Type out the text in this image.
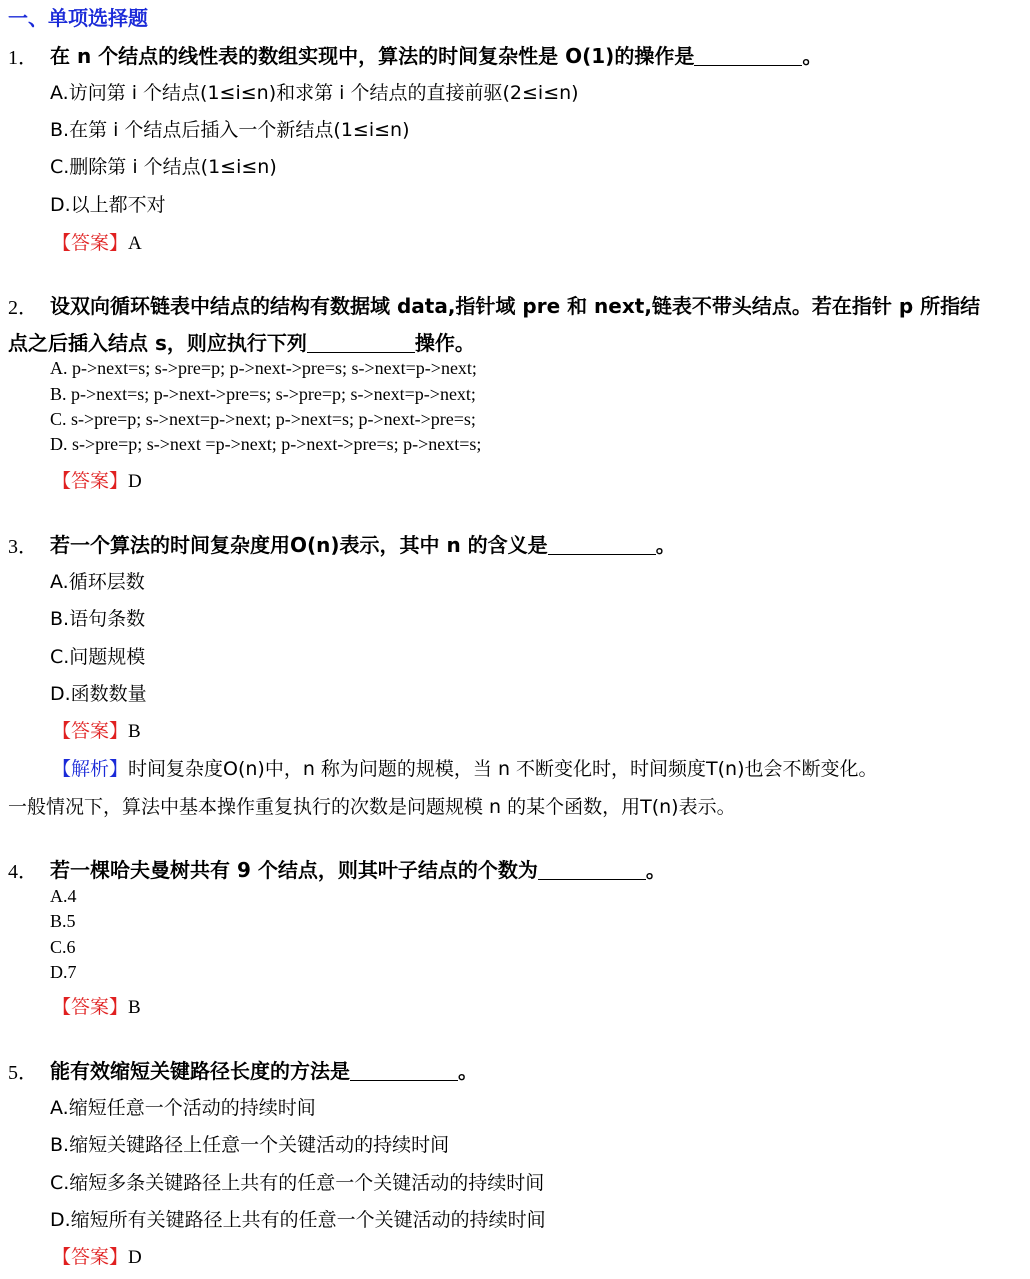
一、单项选择题
1． 在 n 个结点的线性表的数组实现中，算法的时间复杂性是 O(1)的操作是	。
A.访问第 i 个结点(1≤i≤n)和求第 i 个结点的直接前驱(2≤i≤n)
B.在第 i 个结点后插入一个新结点(1≤i≤n)
C.删除第 i 个结点(1≤i≤n)
D.以上都不对
【答案】A
2． 设双向循环链表中结点的结构有数据域 data,指针域 pre 和 next,链表不带头结点。若在指针 p 所指结
点之后插入结点 s，则应执行下列	操作。
A. p->next=s; s->pre=p; p->next->pre=s; s->next=p->next;
B. p->next=s; p->next->pre=s; s->pre=p; s->next=p->next;
C. s->pre=p; s->next=p->next; p->next=s; p->next->pre=s;
D. s->pre=p; s->next =p->next; p->next->pre=s; p->next=s;
【答案】D
3． 若一个算法的时间复杂度用O(n)表示，其中 n 的含义是	。
A.循环层数
B.语句条数
C.问题规模
D.函数数量
【答案】B
【解析】时间复杂度O(n)中，n 称为问题的规模，当 n 不断变化时，时间频度T(n)也会不断变化。
一般情况下，算法中基本操作重复执行的次数是问题规模 n 的某个函数，用T(n)表示。
4． 若一棵哈夫曼树共有 9 个结点，则其叶子结点的个数为	。
A.4
B.5
C.6
D.7
【答案】B
5． 能有效缩短关键路径长度的方法是	。
A.缩短任意一个活动的持续时间
B.缩短关键路径上任意一个关键活动的持续时间
C.缩短多条关键路径上共有的任意一个关键活动的持续时间
D.缩短所有关键路径上共有的任意一个关键活动的持续时间
【答案】D
